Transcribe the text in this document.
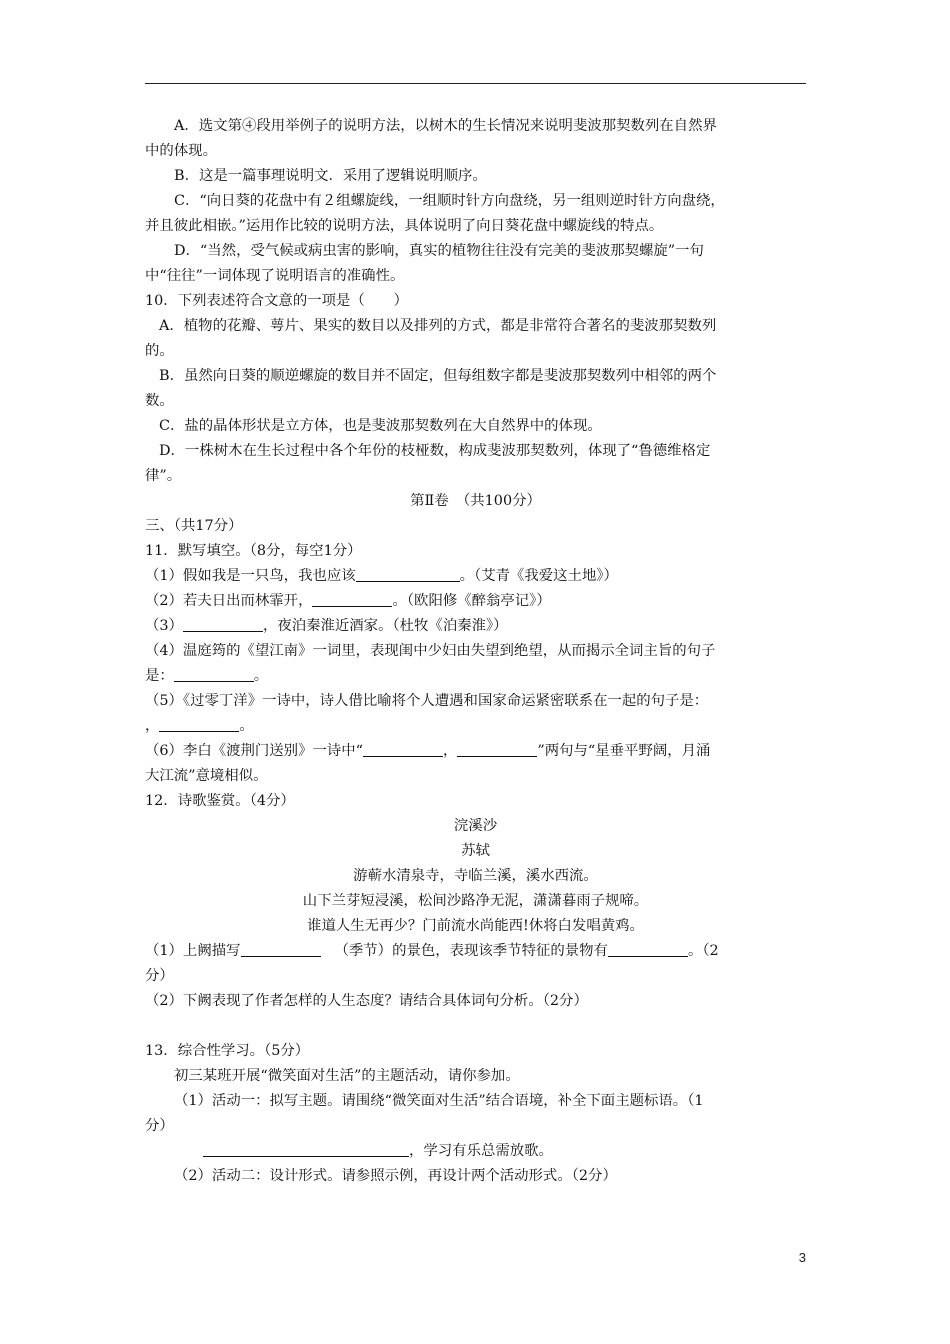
A．选文第④段用举例子的说明方法，以树木的生长情况来说明斐波那契数列在自然界
中的体现。
B．这是一篇事理说明文．采用了逻辑说明顺序。
C．“向日葵的花盘中有２组螺旋线，一组顺时针方向盘绕，另一组则逆时针方向盘绕，
并且彼此相嵌。”运用作比较的说明方法，具体说明了向日葵花盘中螺旋线的特点。
D．“当然，受气候或病虫害的影响，真实的植物往往没有完美的斐波那契螺旋”一句
中“往往”一词体现了说明语言的准确性。
10．下列表述符合文意的一项是（　　）
A．植物的花瓣、萼片、果实的数目以及排列的方式，都是非常符合著名的斐波那契数列
的。
B．虽然向日葵的顺逆螺旋的数目并不固定，但每组数字都是斐波那契数列中相邻的两个
数。
C．盐的晶体形状是立方体，也是斐波那契数列在大自然界中的体现。
D．一株树木在生长过程中各个年份的枝桠数，构成斐波那契数列，体现了“鲁德维格定
律”。
第Ⅱ卷　（共100分）
三、（共17分）
11．默写填空。（8分，每空1分）
（1）假如我是一只鸟，我也应该	。（艾青《我爱这土地》）
（2）若夫日出而林霏开，	。（欧阳修《醉翁亭记》）
（3）	，夜泊秦淮近酒家。（杜牧《泊秦淮》）
（4）温庭筠的《望江南》一词里，表现闺中少妇由失望到绝望，从而揭示全词主旨的句子
是：	。
（5）《过零丁洋》一诗中，诗人借比喻将个人遭遇和国家命运紧密联系在一起的句子是：
，	。
（6）李白《渡荆门送别》一诗中“	，	”两句与“星垂平野阔，月涌
大江流”意境相似。
12．诗歌鉴赏。（4分）
浣溪沙
苏轼
游蕲水清泉寺，寺临兰溪，溪水西流。
山下兰芽短浸溪，松间沙路净无泥，潇潇暮雨子规啼。
谁道人生无再少？门前流水尚能西!休将白发唱黄鸡。
（1）上阙描写	（季节）的景色，表现该季节特征的景物有	。（2
分）
（2）下阙表现了作者怎样的人生态度？请结合具体词句分析。（2分）
13．综合性学习。（5分）
初三某班开展“微笑面对生活”的主题活动，请你参加。
（1）活动一：拟写主题。请围绕“微笑面对生活”结合语境，补全下面主题标语。（1
分）
，学习有乐总需放歌。
（2）活动二：设计形式。请参照示例，再设计两个活动形式。（2分）
3
